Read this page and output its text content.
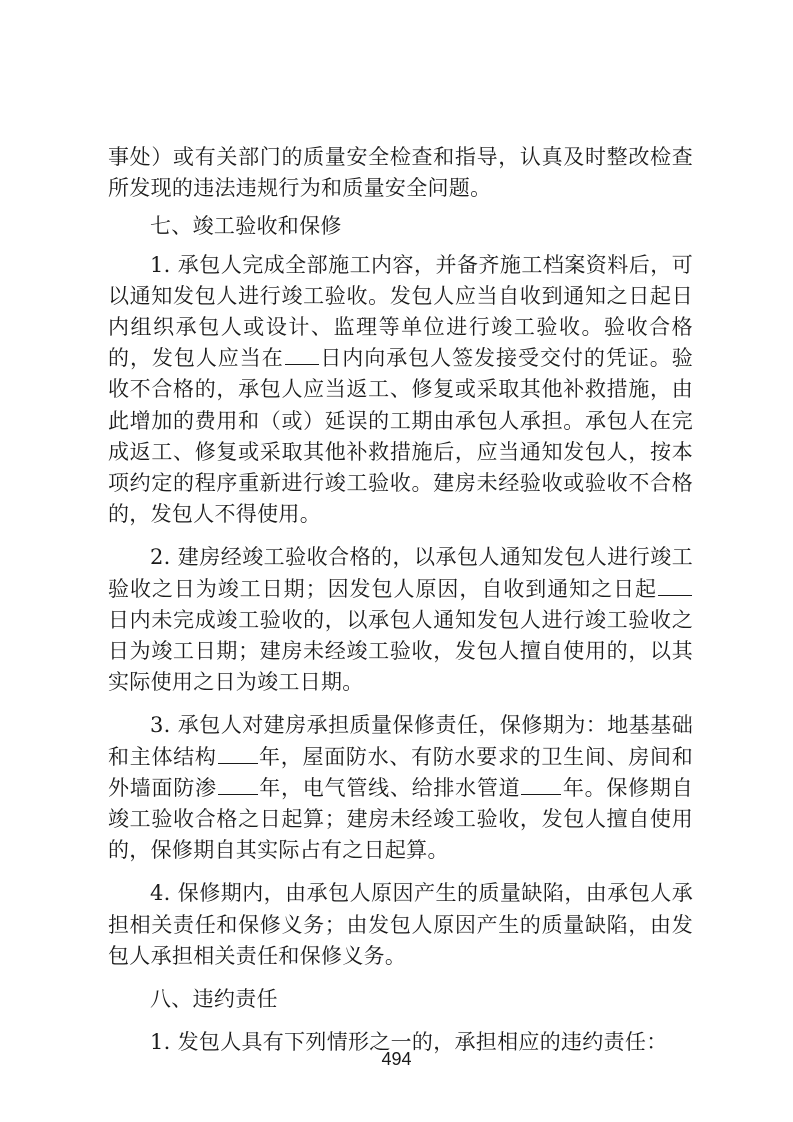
事处）或有关部门的质量安全检查和指导，认真及时整改检查所发现的违法违规行为和质量安全问题。

七、竣工验收和保修

1. 承包人完成全部施工内容，并备齐施工档案资料后，可以通知发包人进行竣工验收。发包人应当自收到通知之日起日内组织承包人或设计、监理等单位进行竣工验收。验收合格的，发包人应当在 日内向承包人签发接受交付的凭证。验收不合格的，承包人应当返工、修复或采取其他补救措施，由此增加的费用和（或）延误的工期由承包人承担。承包人在完成返工、修复或采取其他补救措施后，应当通知发包人，按本项约定的程序重新进行竣工验收。建房未经验收或验收不合格的，发包人不得使用。

2. 建房经竣工验收合格的，以承包人通知发包人进行竣工验收之日为竣工日期；因发包人原因，自收到通知之日起日内未完成竣工验收的，以承包人通知发包人进行竣工验收之日为竣工日期；建房未经竣工验收，发包人擅自使用的，以其实际使用之日为竣工日期。

3. 承包人对建房承担质量保修责任，保修期为：地基基础和主体结构 年，屋面防水、有防水要求的卫生间、房间和外墙面防渗 年，电气管线、给排水管道 年。保修期自竣工验收合格之日起算；建房未经竣工验收，发包人擅自使用的，保修期自其实际占有之日起算。

4. 保修期内，由承包人原因产生的质量缺陷，由承包人承担相关责任和保修义务；由发包人原因产生的质量缺陷，由发包人承担相关责任和保修义务。

八、违约责任

1. 发包人具有下列情形之一的，承担相应的违约责任：

494
